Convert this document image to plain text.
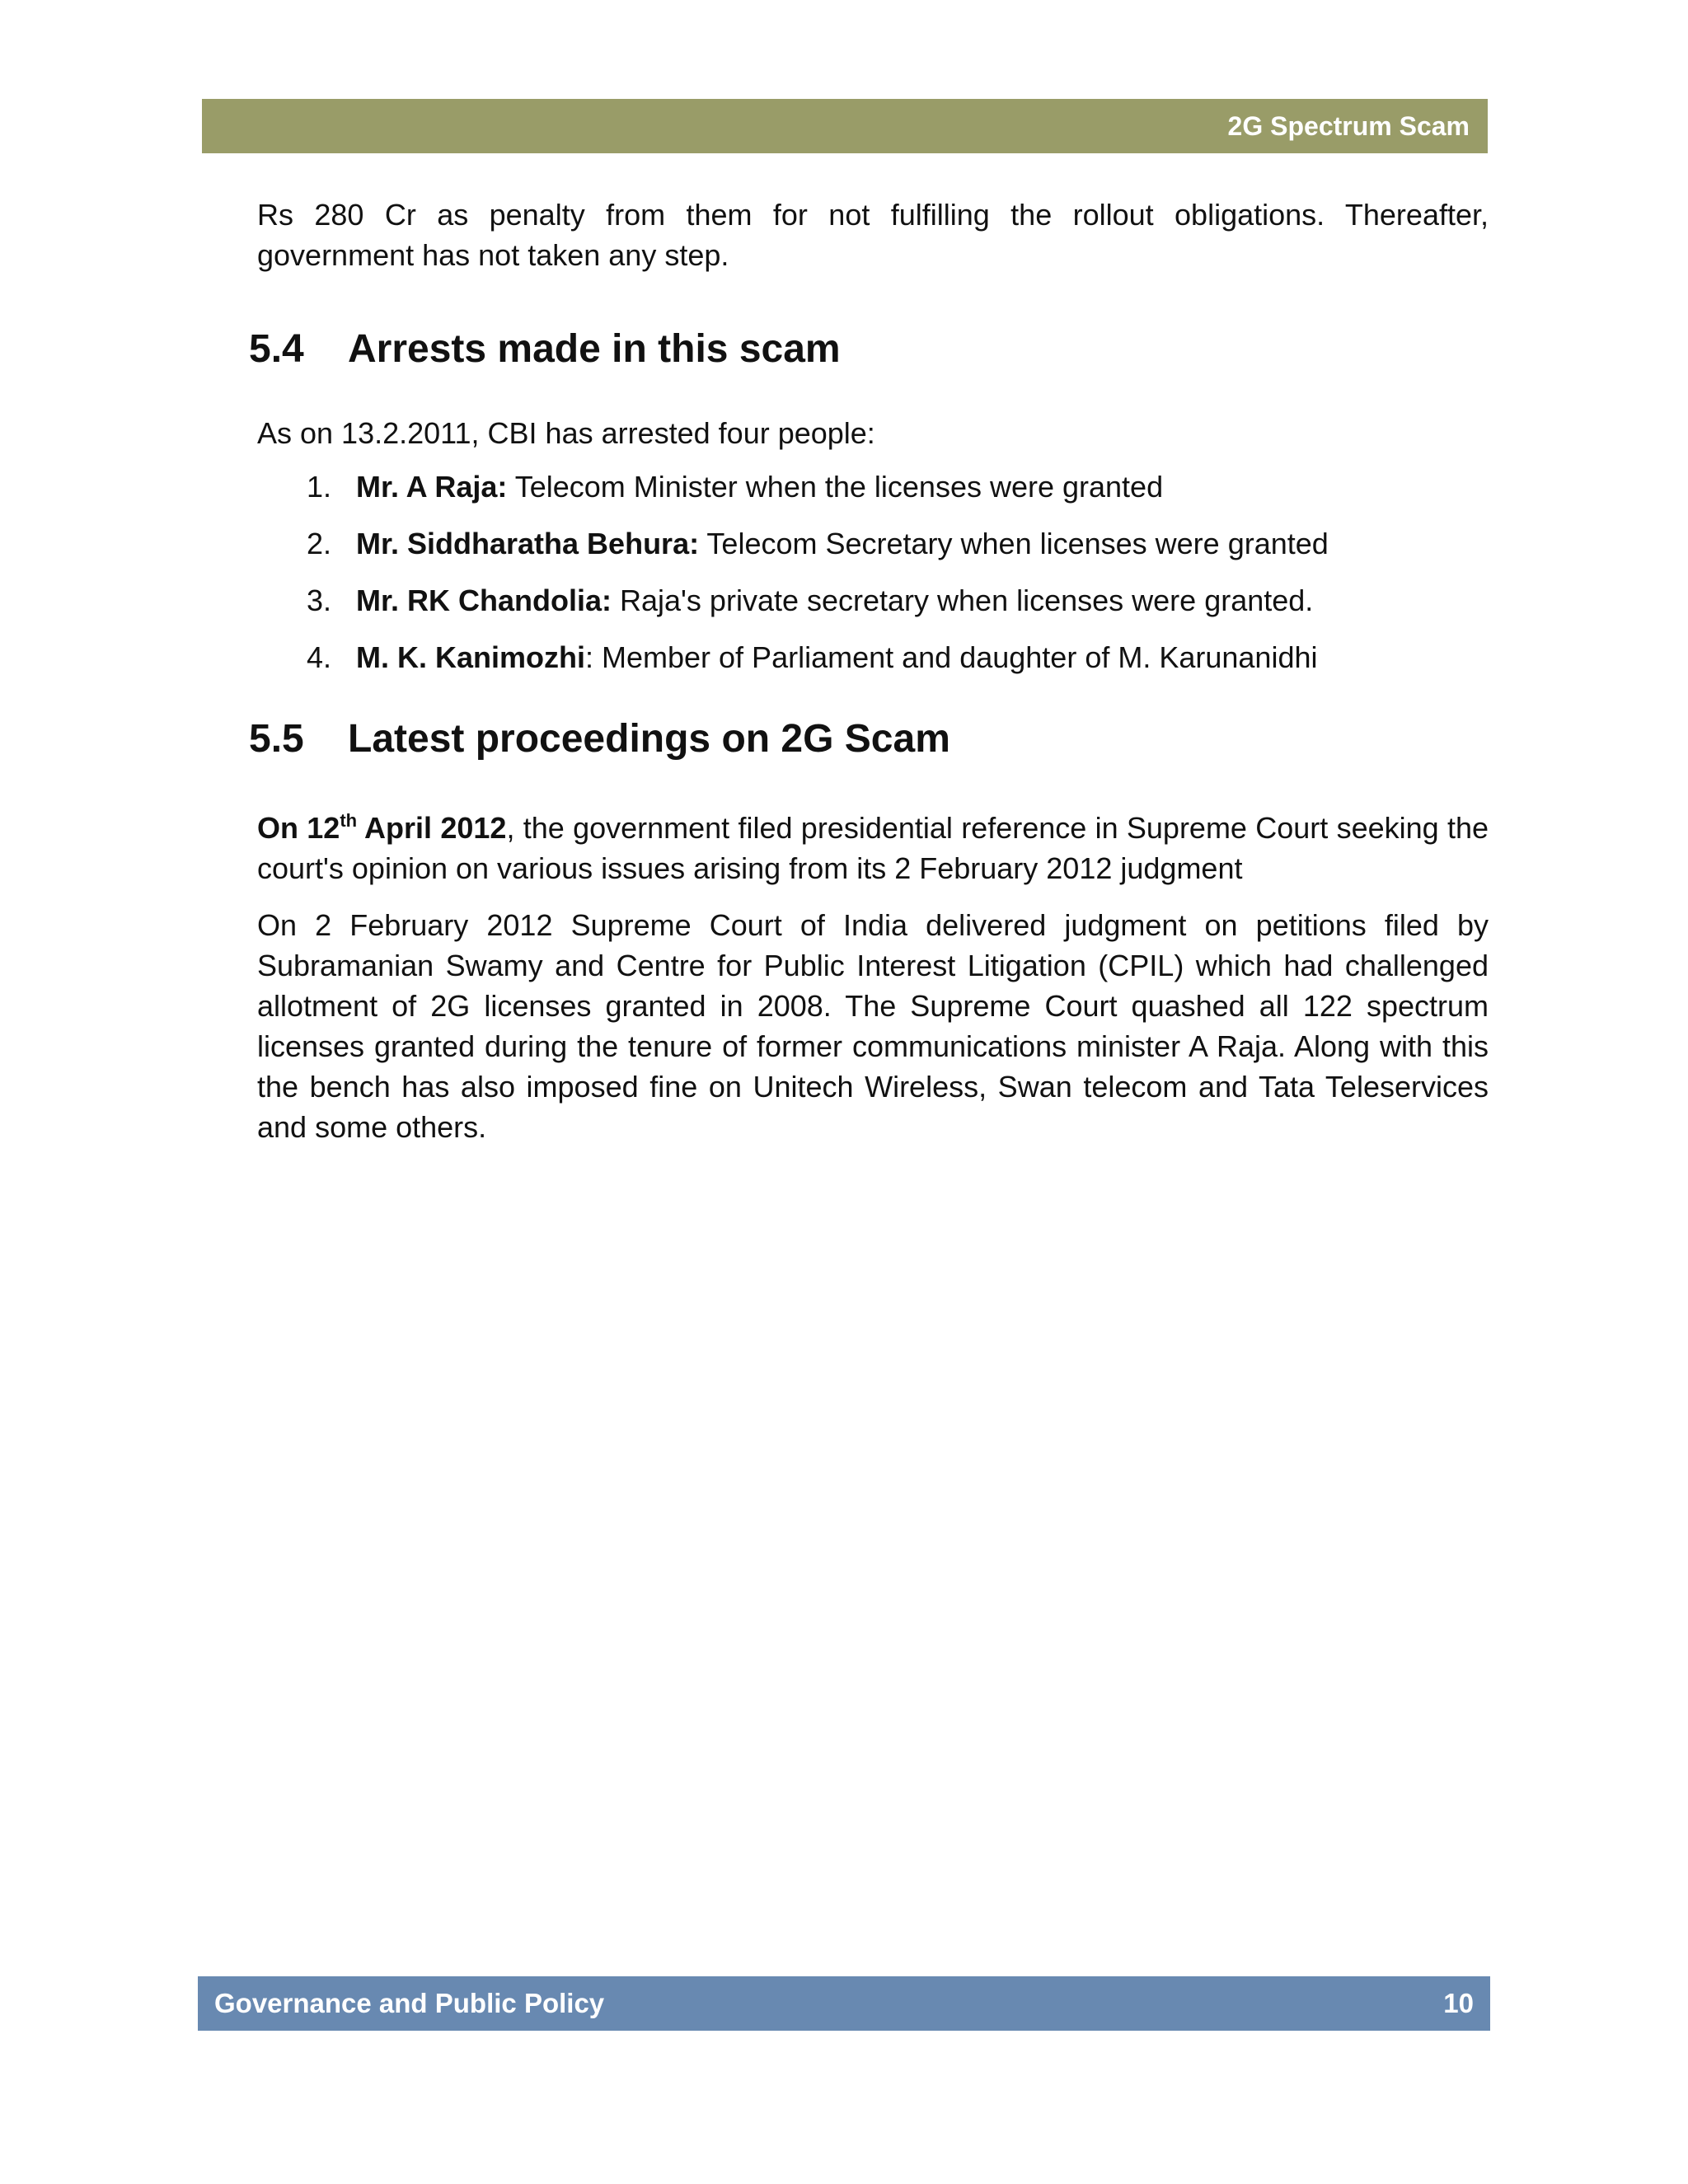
2G Spectrum Scam

Rs 280 Cr as penalty from them for not fulfilling the rollout obligations. Thereafter, government has not taken any step.

5.4	Arrests made in this scam

As on 13.2.2011, CBI has arrested four people:

1. Mr. A Raja: Telecom Minister when the licenses were granted
2. Mr. Siddharatha Behura: Telecom Secretary when licenses were granted
3. Mr. RK Chandolia: Raja's private secretary when licenses were granted.
4. M. K. Kanimozhi: Member of Parliament and daughter of M. Karunanidhi
5.5	Latest proceedings on 2G Scam

On 12th April 2012, the government filed presidential reference in Supreme Court seeking the court's opinion on various issues arising from its 2 February 2012 judgment

On 2 February 2012 Supreme Court of India delivered judgment on petitions filed by Subramanian Swamy and Centre for Public Interest Litigation (CPIL) which had challenged allotment of 2G licenses granted in 2008. The Supreme Court quashed all 122 spectrum licenses granted during the tenure of former communications minister A Raja. Along with this the bench has also imposed fine on Unitech Wireless, Swan telecom and Tata Teleservices and some others.

Governance and Public Policy	10
